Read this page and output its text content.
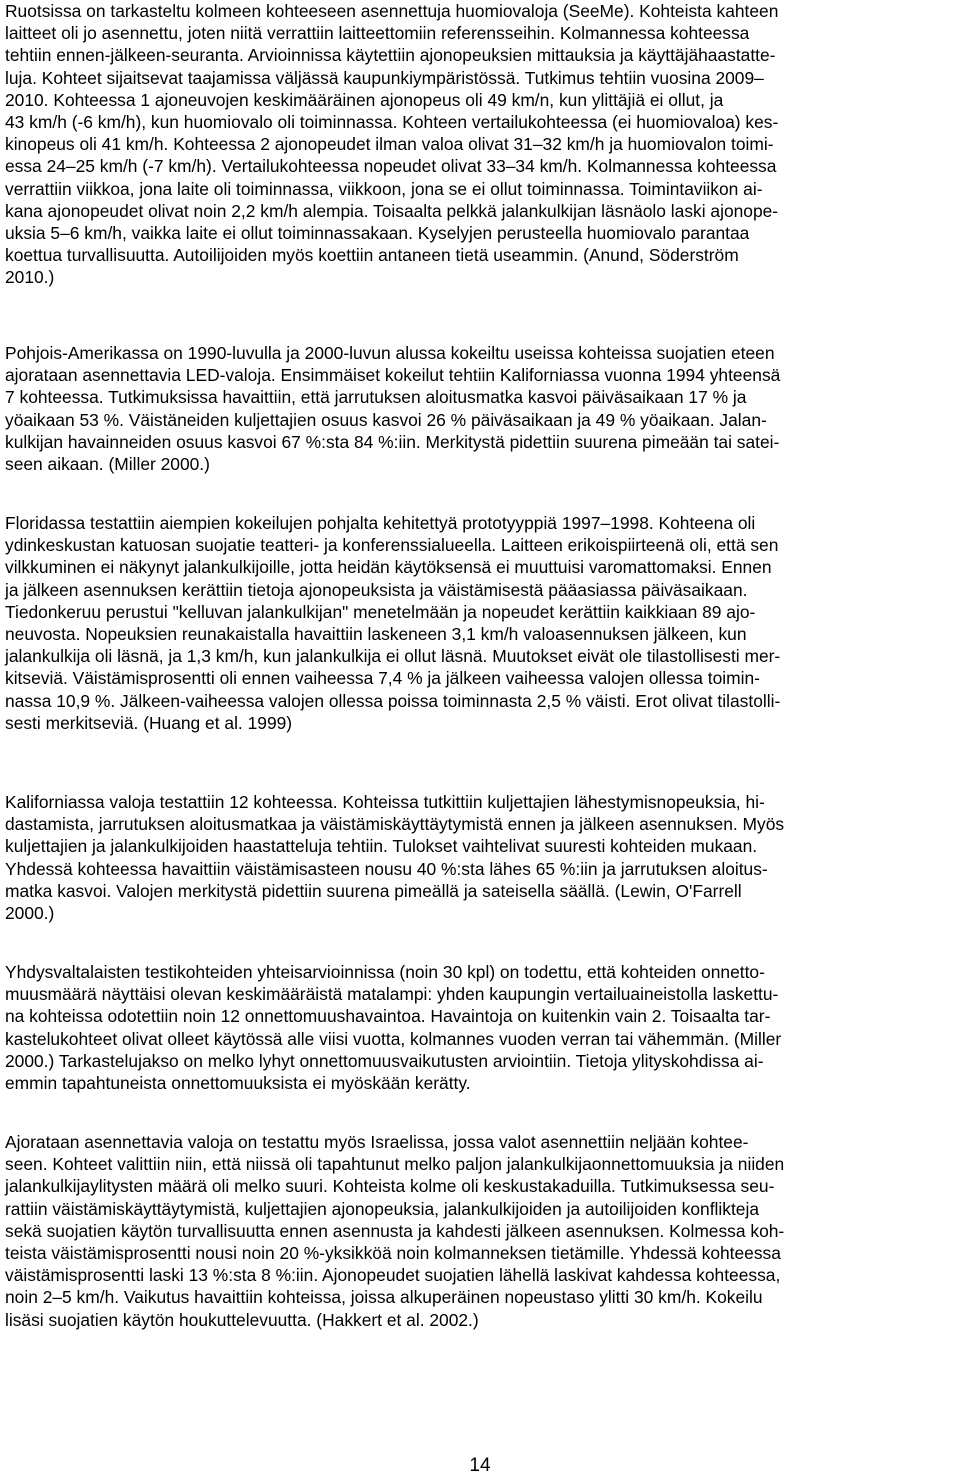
Ruotsissa on tarkasteltu kolmeen kohteeseen asennettuja huomiovaloja (SeeMe). Kohteista kahteen
laitteet oli jo asennettu, joten niitä verrattiin laitteettomiin referensseihin. Kolmannessa kohteessa
tehtiin ennen-jälkeen-seuranta. Arvioinnissa käytettiin ajonopeuksien mittauksia ja käyttäjähaastatte-
luja. Kohteet sijaitsevat taajamissa väljässä kaupunkiympäristössä. Tutkimus tehtiin vuosina 2009–
2010. Kohteessa 1 ajoneuvojen keskimääräinen ajonopeus oli 49 km/n, kun ylittäjiä ei ollut, ja
43 km/h (-6 km/h), kun huomiovalo oli toiminnassa. Kohteen vertailukohteessa (ei huomiovaloa) kes-
kinopeus oli 41 km/h. Kohteessa 2 ajonopeudet ilman valoa olivat 31–32 km/h ja huomiovalon toimi-
essa 24–25 km/h (-7 km/h). Vertailukohteessa nopeudet olivat 33–34 km/h. Kolmannessa kohteessa
verrattiin viikkoa, jona laite oli toiminnassa, viikkoon, jona se ei ollut toiminnassa. Toimintaviikon ai-
kana ajonopeudet olivat noin 2,2 km/h alempia. Toisaalta pelkkä jalankulkijan läsnäolo laski ajonope-
uksia 5–6 km/h, vaikka laite ei ollut toiminnassakaan. Kyselyjen perusteella huomiovalo parantaa
koettua turvallisuutta. Autoilijoiden myös koettiin antaneen tietä useammin. (Anund, Söderström
2010.)

Pohjois-Amerikassa on 1990-luvulla ja 2000-luvun alussa kokeiltu useissa kohteissa suojatien eteen
ajorataan asennettavia LED-valoja. Ensimmäiset kokeilut tehtiin Kaliforniassa vuonna 1994 yhteensä
7 kohteessa. Tutkimuksissa havaittiin, että jarrutuksen aloitusmatka kasvoi päiväsaikaan 17 % ja
yöaikaan 53 %. Väistäneiden kuljettajien osuus kasvoi 26 % päiväsaikaan ja 49 % yöaikaan. Jalan-
kulkijan havainneiden osuus kasvoi 67 %:sta 84 %:iin. Merkitystä pidettiin suurena pimeään tai satei-
seen aikaan. (Miller 2000.)

Floridassa testattiin aiempien kokeilujen pohjalta kehitettyä prototyyppiä 1997–1998. Kohteena oli
ydinkeskustan katuosan suojatie teatteri- ja konferenssialueella. Laitteen erikoispiirteenä oli, että sen
vilkkuminen ei näkynyt jalankulkijoille, jotta heidän käytöksensä ei muuttuisi varomattomaksi. Ennen
ja jälkeen asennuksen kerättiin tietoja ajonopeuksista ja väistämisestä pääasiassa päiväsaikaan.
Tiedonkeruu perustui "kelluvan jalankulkijan" menetelmään ja nopeudet kerättiin kaikkiaan 89 ajo-
neuvosta. Nopeuksien reunakaistalla havaittiin laskeneen 3,1 km/h valoasennuksen jälkeen, kun
jalankulkija oli läsnä, ja 1,3 km/h, kun jalankulkija ei ollut läsnä. Muutokset eivät ole tilastollisesti mer-
kitseviä. Väistämisprosentti oli ennen vaiheessa 7,4 % ja jälkeen vaiheessa valojen ollessa toimin-
nassa 10,9 %. Jälkeen-vaiheessa valojen ollessa poissa toiminnasta 2,5 % väisti. Erot olivat tilastolli-
sesti merkitseviä. (Huang et al. 1999)

Kaliforniassa valoja testattiin 12 kohteessa. Kohteissa tutkittiin kuljettajien lähestymisnopeuksia, hi-
dastamista, jarrutuksen aloitusmatkaa ja väistämiskäyttäytymistä ennen ja jälkeen asennuksen. Myös
kuljettajien ja jalankulkijoiden haastatteluja tehtiin. Tulokset vaihtelivat suuresti kohteiden mukaan.
Yhdessä kohteessa havaittiin väistämisasteen nousu 40 %:sta lähes 65 %:iin ja jarrutuksen aloitus-
matka kasvoi. Valojen merkitystä pidettiin suurena pimeällä ja sateisella säällä. (Lewin, O'Farrell
2000.)

Yhdysvaltalaisten testikohteiden yhteisarvioinnissa (noin 30 kpl) on todettu, että kohteiden onnetto-
muusmäärä näyttäisi olevan keskimääräistä matalampi: yhden kaupungin vertailuaineistolla laskettu-
na kohteissa odotettiin noin 12 onnettomuushavaintoa. Havaintoja on kuitenkin vain 2. Toisaalta tar-
kastelukohteet olivat olleet käytössä alle viisi vuotta, kolmannes vuoden verran tai vähemmän. (Miller
2000.) Tarkastelujakso on melko lyhyt onnettomuusvaikutusten arviointiin. Tietoja ylityskohdissa ai-
emmin tapahtuneista onnettomuuksista ei myöskään kerätty.

Ajorataan asennettavia valoja on testattu myös Israelissa, jossa valot asennettiin neljään kohtee-
seen. Kohteet valittiin niin, että niissä oli tapahtunut melko paljon jalankulkijaonnettomuuksia ja niiden
jalankulkijaylitysten määrä oli melko suuri. Kohteista kolme oli keskustakaduilla. Tutkimuksessa seu-
rattiin väistämiskäyttäytymistä, kuljettajien ajonopeuksia, jalankulkijoiden ja autoilijoiden konflikteja
sekä suojatien käytön turvallisuutta ennen asennusta ja kahdesti jälkeen asennuksen. Kolmessa koh-
teista väistämisprosentti nousi noin 20 %-yksikköä noin kolmanneksen tietämille. Yhdessä kohteessa
väistämisprosentti laski 13 %:sta 8 %:iin. Ajonopeudet suojatien lähellä laskivat kahdessa kohteessa,
noin 2–5 km/h. Vaikutus havaittiin kohteissa, joissa alkuperäinen nopeustaso ylitti 30 km/h. Kokeilu
lisäsi suojatien käytön houkuttelevuutta. (Hakkert et al. 2002.)

14
